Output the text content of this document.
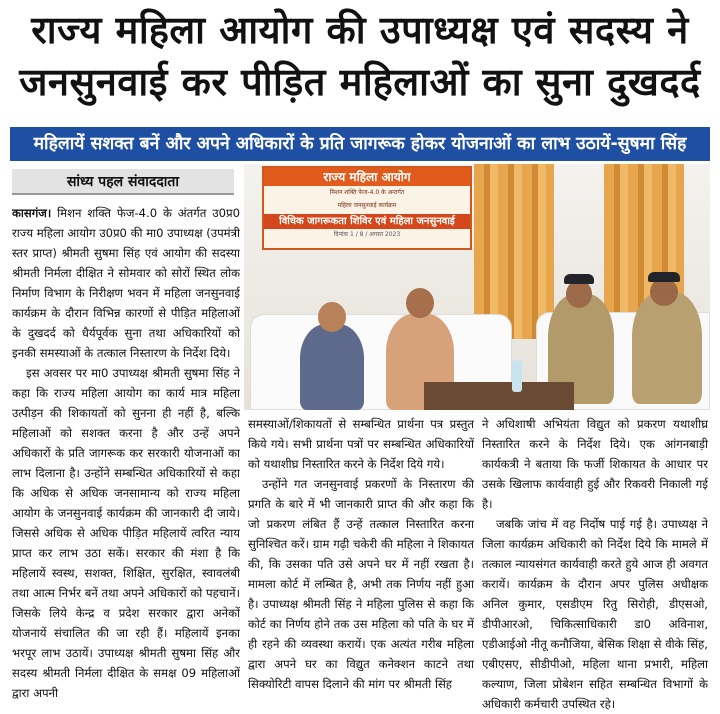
राज्य महिला आयोग की उपाध्यक्ष एवं सदस्य ने
जनसुनवाई कर पीड़ित महिलाओं का सुना दुखदर्द
महिलायें सशक्त बनें और अपने अधिकारों के प्रति जागरूक होकर योजनाओं का लाभ उठायें-सुषमा सिंह
सांध्य पहल संवाददाता

कासगंज। मिशन शक्ति फेज-4.0 के अंतर्गत उ0प्र0 राज्य महिला आयोग उ0प्र0 की मा0 उपाध्यक्ष (उपमंत्री स्तर प्राप्त) श्रीमती सुषमा सिंह एवं आयोग की सदस्या श्रीमती निर्मला दीक्षित ने सोमवार को सोरों स्थित लोक निर्माण विभाग के निरीक्षण भवन में महिला जनसुनवाई कार्यक्रम के दौरान विभिन्न कारणों से पीड़ित महिलाओं के दुखदर्द को धैर्यपूर्वक सुना तथा अधिकारियों को इनकी समस्याओं के तत्काल निस्तारण के निर्देश दिये।

इस अवसर पर मा0 उपाध्यक्ष श्रीमती सुषमा सिंह ने कहा कि राज्य महिला आयोग का कार्य मात्र महिला उत्पीड़न की शिकायतों को सुनना ही नहीं है, बल्कि महिलाओं को सशक्त करना है और उन्हें अपने अधिकारों के प्रति जागरूक कर सरकारी योजनाओं का लाभ दिलाना है। उन्होंने सम्बन्धित अधिकारियों से कहा कि अधिक से अधिक जनसामान्य को राज्य महिला आयोग के जनसुनवाई कार्यक्रम की जानकारी दी जाये। जिससे अधिक से अधिक पीड़ित महिलायें त्वरित न्याय प्राप्त कर लाभ उठा सकें। सरकार की मंशा है कि महिलायें स्वस्थ, सशक्त, शिक्षित, सुरक्षित, स्वावलंबी तथा आत्म निर्भर बनें तथा अपने अधिकारों को पहचानें। जिसके लिये केन्द्र व प्रदेश सरकार द्वारा अनेकों योजनायें संचालित की जा रही हैं। महिलायें इनका भरपूर लाभ उठायें। उपाध्यक्ष श्रीमती सुषमा सिंह और सदस्य श्रीमती निर्मला दीक्षित के समक्ष 09 महिलाओं द्वारा अपनी

राज्य महिला आयोग
मिशन शक्ति फेज-4.0 के अन्तर्गत
महिला जनसुनवाई कार्यक्रम
विधिक जागरूकता शिविर एवं महिला जनसुनवाई
दिनांक 1 / 8 / अगस्त 2023

समस्याओं/शिकायतों से सम्बन्धित प्रार्थना पत्र प्रस्तुत किये गये। सभी प्रार्थना पत्रों पर सम्बन्धित अधिकारियों को यथाशीघ्र निस्तारित करने के निर्देश दिये गये।

उन्होंने गत जनसुनवाई प्रकरणों के निस्तारण की प्रगति के बारे में भी जानकारी प्राप्त की और कहा कि जो प्रकरण लंबित हैं उन्हें तत्काल निस्तारित करना सुनिश्चित करें। ग्राम गढ़ी चकेरी की महिला ने शिकायत की, कि उसका पति उसे अपने घर में नहीं रखता है। मामला कोर्ट में लम्बित है, अभी तक निर्णय नहीं हुआ है। उपाध्यक्ष श्रीमती सिंह ने महिला पुलिस से कहा कि कोर्ट का निर्णय होने तक उस महिला को पति के घर में ही रहने की व्यवस्था करायें। एक अत्यंत गरीब महिला द्वारा अपने घर का विद्युत कनेक्शन काटने तथा सिक्योरिटी वापस दिलाने की मांग पर श्रीमती सिंह

ने अधिशाषी अभियंता विद्युत को प्रकरण यथाशीघ्र निस्तारित करने के निर्देश दिये। एक आंगनबाड़ी कार्यकत्री ने बताया कि फर्जी शिकायत के आधार पर उसके खिलाफ कार्यवाही हुई और रिकवरी निकाली गई है।

जबकि जांच में वह निर्दोष पाई गई है। उपाध्यक्ष ने जिला कार्यक्रम अधिकारी को निर्देश दिये कि मामले में तत्काल न्यायसंगत कार्यवाही करते हुये आज ही अवगत करायें। कार्यक्रम के दौरान अपर पुलिस अधीक्षक अनिल कुमार, एसडीएम रितु सिरोही, डीएसओ, डीपीआरओ, चिकित्साधिकारी डा0 अविनाश, एडीआईओ नीतू कनौजिया, बेसिक शिक्षा से वीके सिंह, एबीएसए, सीडीपीओ, महिला थाना प्रभारी, महिला कल्याण, जिला प्रोबेशन सहित सम्बन्धित विभागों के अधिकारी कर्मचारी उपस्थित रहे।
